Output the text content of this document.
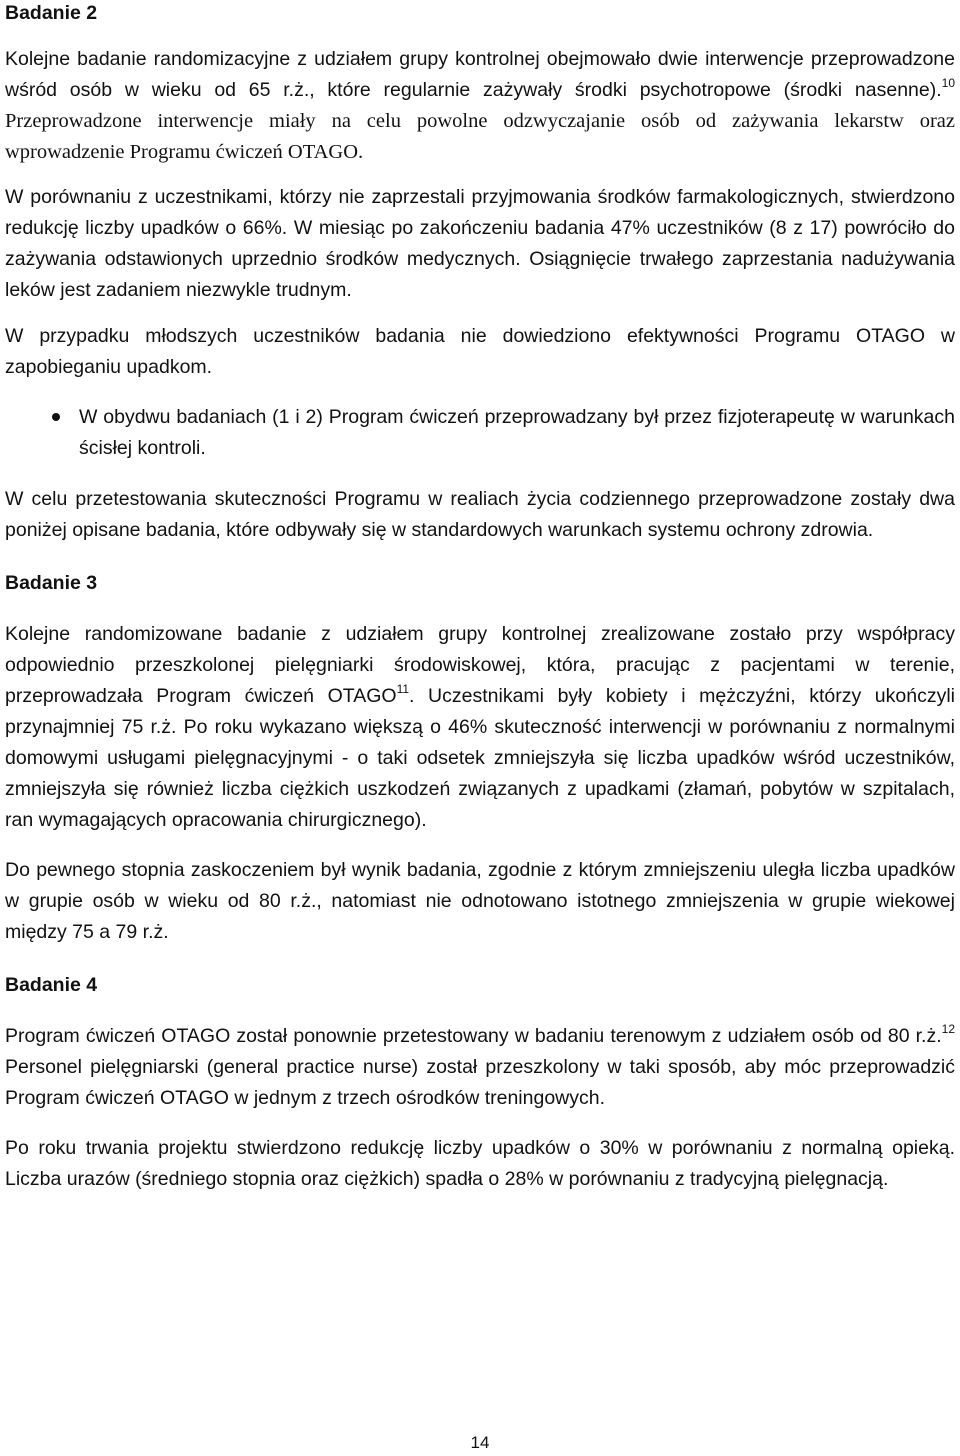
Badanie 2

Kolejne badanie randomizacyjne z udziałem grupy kontrolnej obejmowało dwie interwencje przeprowadzone wśród osób w wieku od 65 r.ż., które regularnie zażywały środki psychotropowe (środki nasenne).$^{10}$ Przeprowadzone interwencje miały na celu powolne odzwyczajanie osób od zażywania lekarstw oraz wprowadzenie Programu ćwiczeń OTAGO.

W porównaniu z uczestnikami, którzy nie zaprzestali przyjmowania środków farmakologicznych, stwierdzono redukcję liczby upadków o 66%. W miesiąc po zakończeniu badania 47% uczestników (8 z 17) powróciło do zażywania odstawionych uprzednio środków medycznych. Osiągnięcie trwałego zaprzestania nadużywania leków jest zadaniem niezwykle trudnym.

W przypadku młodszych uczestników badania nie dowiedziono efektywności Programu OTAGO w zapobieganiu upadkom.

W obydwu badaniach (1 i 2) Program ćwiczeń przeprowadzany był przez fizjoterapeutę w warunkach ścisłej kontroli.

W celu przetestowania skuteczności Programu w realiach życia codziennego przeprowadzone zostały dwa poniżej opisane badania, które odbywały się w standardowych warunkach systemu ochrony zdrowia.

Badanie 3

Kolejne randomizowane badanie z udziałem grupy kontrolnej zrealizowane zostało przy współpracy odpowiednio przeszkolonej pielęgniarki środowiskowej, która, pracując z pacjentami w terenie, przeprowadzała Program ćwiczeń OTAGO$^{11}$. Uczestnikami były kobiety i mężczyźni, którzy ukończyli przynajmniej 75 r.ż. Po roku wykazano większą o 46% skuteczność interwencji w porównaniu z normalnymi domowymi usługami pielęgnacyjnymi - o taki odsetek zmniejszyła się liczba upadków wśród uczestników, zmniejszyła się również liczba ciężkich uszkodzeń związanych z upadkami (złamań, pobytów w szpitalach, ran wymagających opracowania chirurgicznego).

Do pewnego stopnia zaskoczeniem był wynik badania, zgodnie z którym zmniejszeniu uległa liczba upadków w grupie osób w wieku od 80 r.ż., natomiast nie odnotowano istotnego zmniejszenia w grupie wiekowej między 75 a 79 r.ż.

Badanie 4

Program ćwiczeń OTAGO został ponownie przetestowany w badaniu terenowym z udziałem osób od 80 r.ż.$^{12}$ Personel pielęgniarski (general practice nurse) został przeszkolony w taki sposób, aby móc przeprowadzić Program ćwiczeń OTAGO w jednym z trzech ośrodków treningowych.

Po roku trwania projektu stwierdzono redukcję liczby upadków o 30% w porównaniu z normalną opieką. Liczba urazów (średniego stopnia oraz ciężkich) spadła o 28% w porównaniu z tradycyjną pielęgnacją.

14
